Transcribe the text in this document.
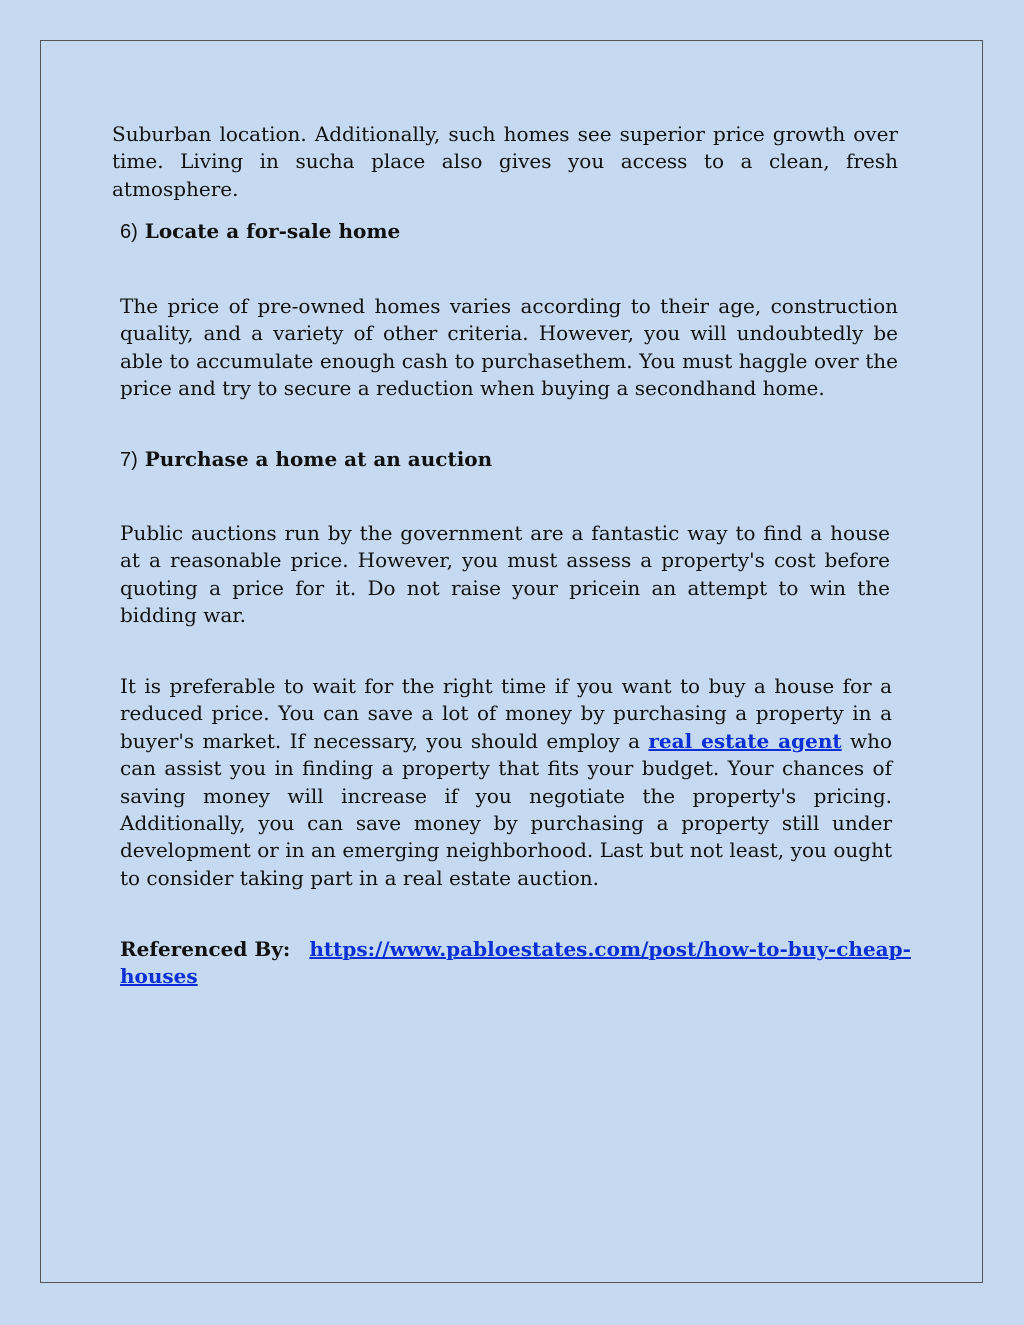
Suburban location. Additionally, such homes see superior price growth over time. Living in sucha place also gives you access to a clean, fresh atmosphere.

6) Locate a for-sale home

The price of pre-owned homes varies according to their age, construction quality, and a variety of other criteria. However, you will undoubtedly be able to accumulate enough cash to purchasethem. You must haggle over the price and try to secure a reduction when buying a secondhand home.

7) Purchase a home at an auction

Public auctions run by the government are a fantastic way to find a house at a reasonable price. However, you must assess a property's cost before quoting a price for it. Do not raise your pricein an attempt to win the bidding war.

It is preferable to wait for the right time if you want to buy a house for a reduced price. You can save a lot of money by purchasing a property in a buyer's market. If necessary, you should employ a real estate agent who can assist you in finding a property that fits your budget. Your chances of saving money will increase if you negotiate the property's pricing. Additionally, you can save money by purchasing a property still under development or in an emerging neighborhood. Last but not least, you ought to consider taking part in a real estate auction.

Referenced By: https://www.pabloestates.com/post/how-to-buy-cheap-houses
